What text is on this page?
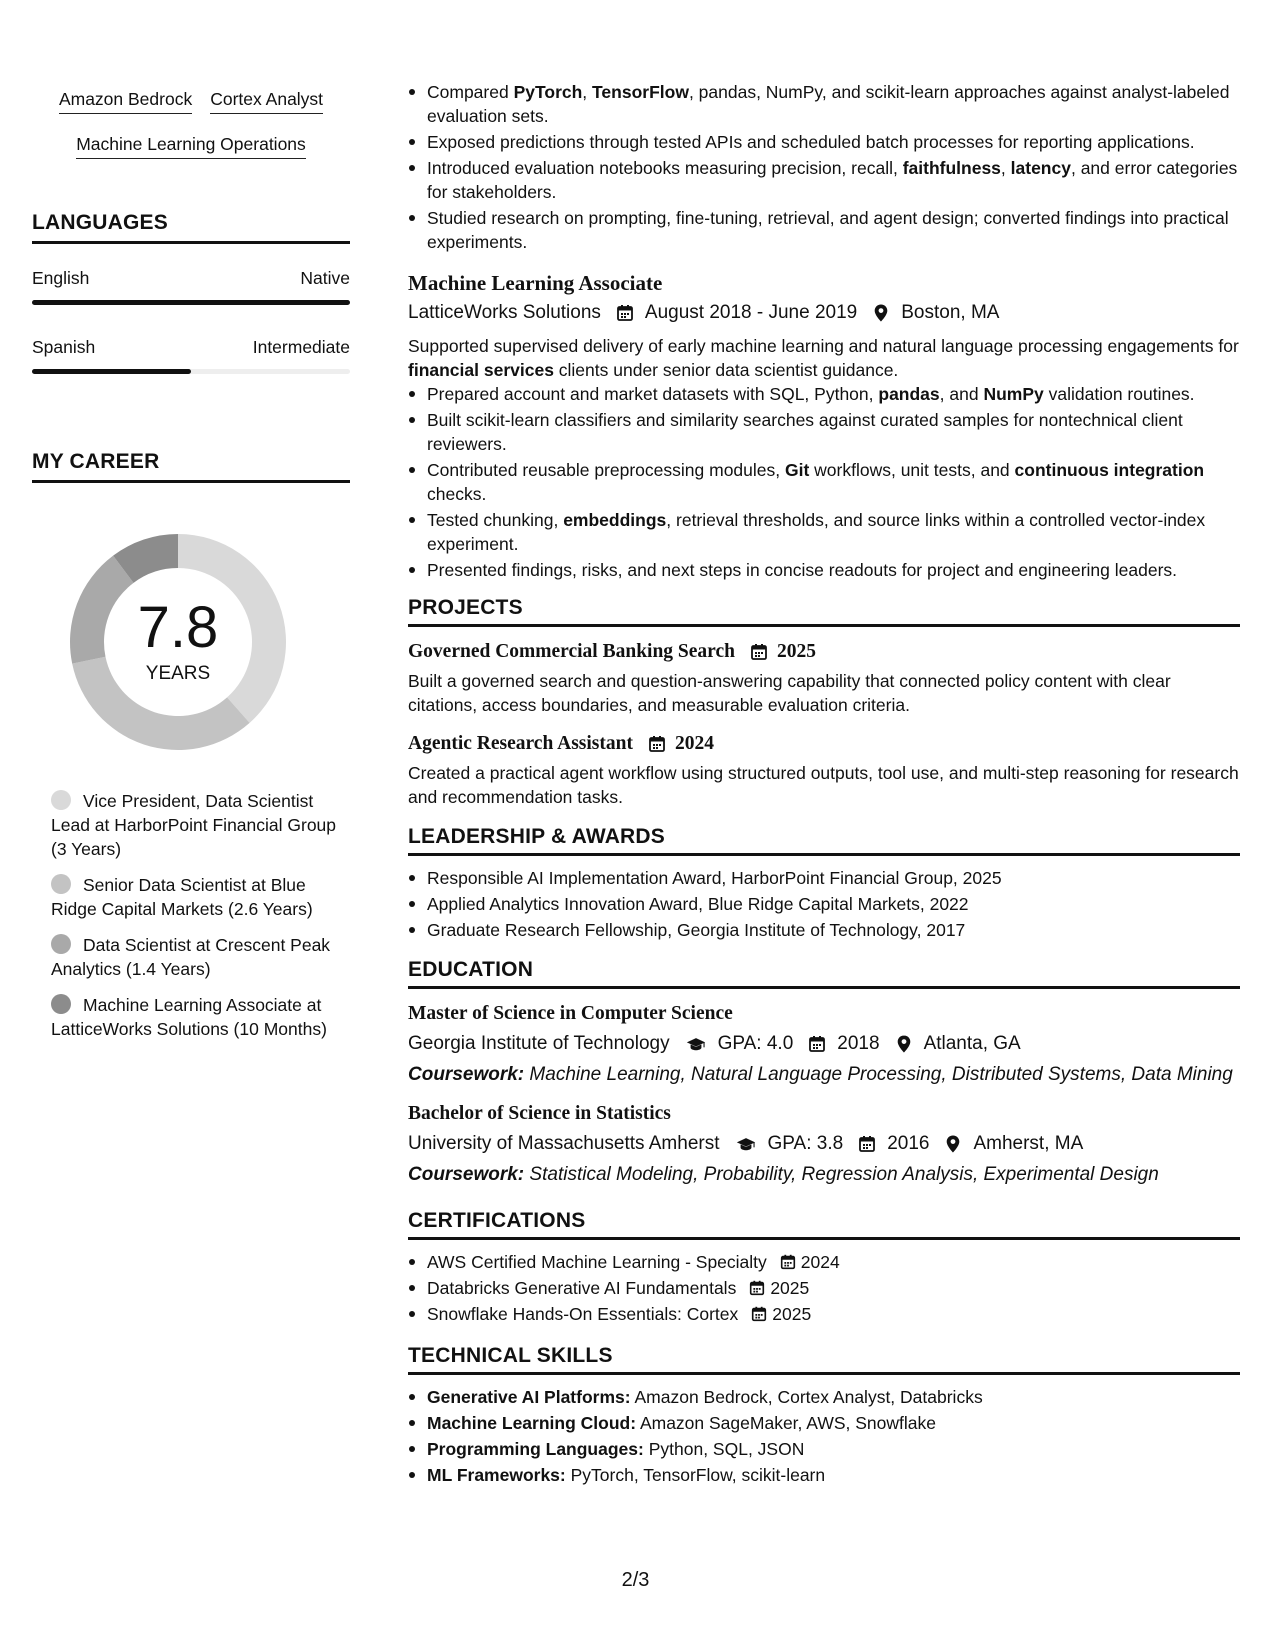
Amazon Bedrock Cortex Analyst
Machine Learning Operations
LANGUAGES
English	Native
Spanish	Intermediate
MY CAREER
7.8
YEARS
Vice President, Data Scientist Lead at HarborPoint Financial Group (3 Years)
Senior Data Scientist at Blue Ridge Capital Markets (2.6 Years)
Data Scientist at Crescent Peak Analytics (1.4 Years)
Machine Learning Associate at LatticeWorks Solutions (10 Months)
Compared PyTorch, TensorFlow, pandas, NumPy, and scikit-learn approaches against analyst-labeled evaluation sets.
Exposed predictions through tested APIs and scheduled batch processes for reporting applications.
Introduced evaluation notebooks measuring precision, recall, faithfulness, latency, and error categories for stakeholders.
Studied research on prompting, fine-tuning, retrieval, and agent design; converted findings into practical experiments.
Machine Learning Associate
LatticeWorks Solutions August 2018 - June 2019 Boston, MA
Supported supervised delivery of early machine learning and natural language processing engagements for financial services clients under senior data scientist guidance.
Prepared account and market datasets with SQL, Python, pandas, and NumPy validation routines.
Built scikit-learn classifiers and similarity searches against curated samples for nontechnical client reviewers.
Contributed reusable preprocessing modules, Git workflows, unit tests, and continuous integration checks.
Tested chunking, embeddings, retrieval thresholds, and source links within a controlled vector-index experiment.
Presented findings, risks, and next steps in concise readouts for project and engineering leaders.
PROJECTS
Governed Commercial Banking Search 2025
Built a governed search and question-answering capability that connected policy content with clear citations, access boundaries, and measurable evaluation criteria.
Agentic Research Assistant 2024
Created a practical agent workflow using structured outputs, tool use, and multi-step reasoning for research and recommendation tasks.
LEADERSHIP & AWARDS
Responsible AI Implementation Award, HarborPoint Financial Group, 2025
Applied Analytics Innovation Award, Blue Ridge Capital Markets, 2022
Graduate Research Fellowship, Georgia Institute of Technology, 2017
EDUCATION
Master of Science in Computer Science
Georgia Institute of Technology	GPA: 4.0 2018 Atlanta, GA
Coursework: Machine Learning, Natural Language Processing, Distributed Systems, Data Mining
Bachelor of Science in Statistics
University of Massachusetts Amherst	GPA: 3.8 2016 Amherst, MA
Coursework: Statistical Modeling, Probability, Regression Analysis, Experimental Design
CERTIFICATIONS
AWS Certified Machine Learning - Specialty 2024
Databricks Generative AI Fundamentals 2025
Snowflake Hands-On Essentials: Cortex 2025
TECHNICAL SKILLS
Generative AI Platforms: Amazon Bedrock, Cortex Analyst, Databricks
Machine Learning Cloud: Amazon SageMaker, AWS, Snowflake
Programming Languages: Python, SQL, JSON
ML Frameworks: PyTorch, TensorFlow, scikit-learn
2/3
